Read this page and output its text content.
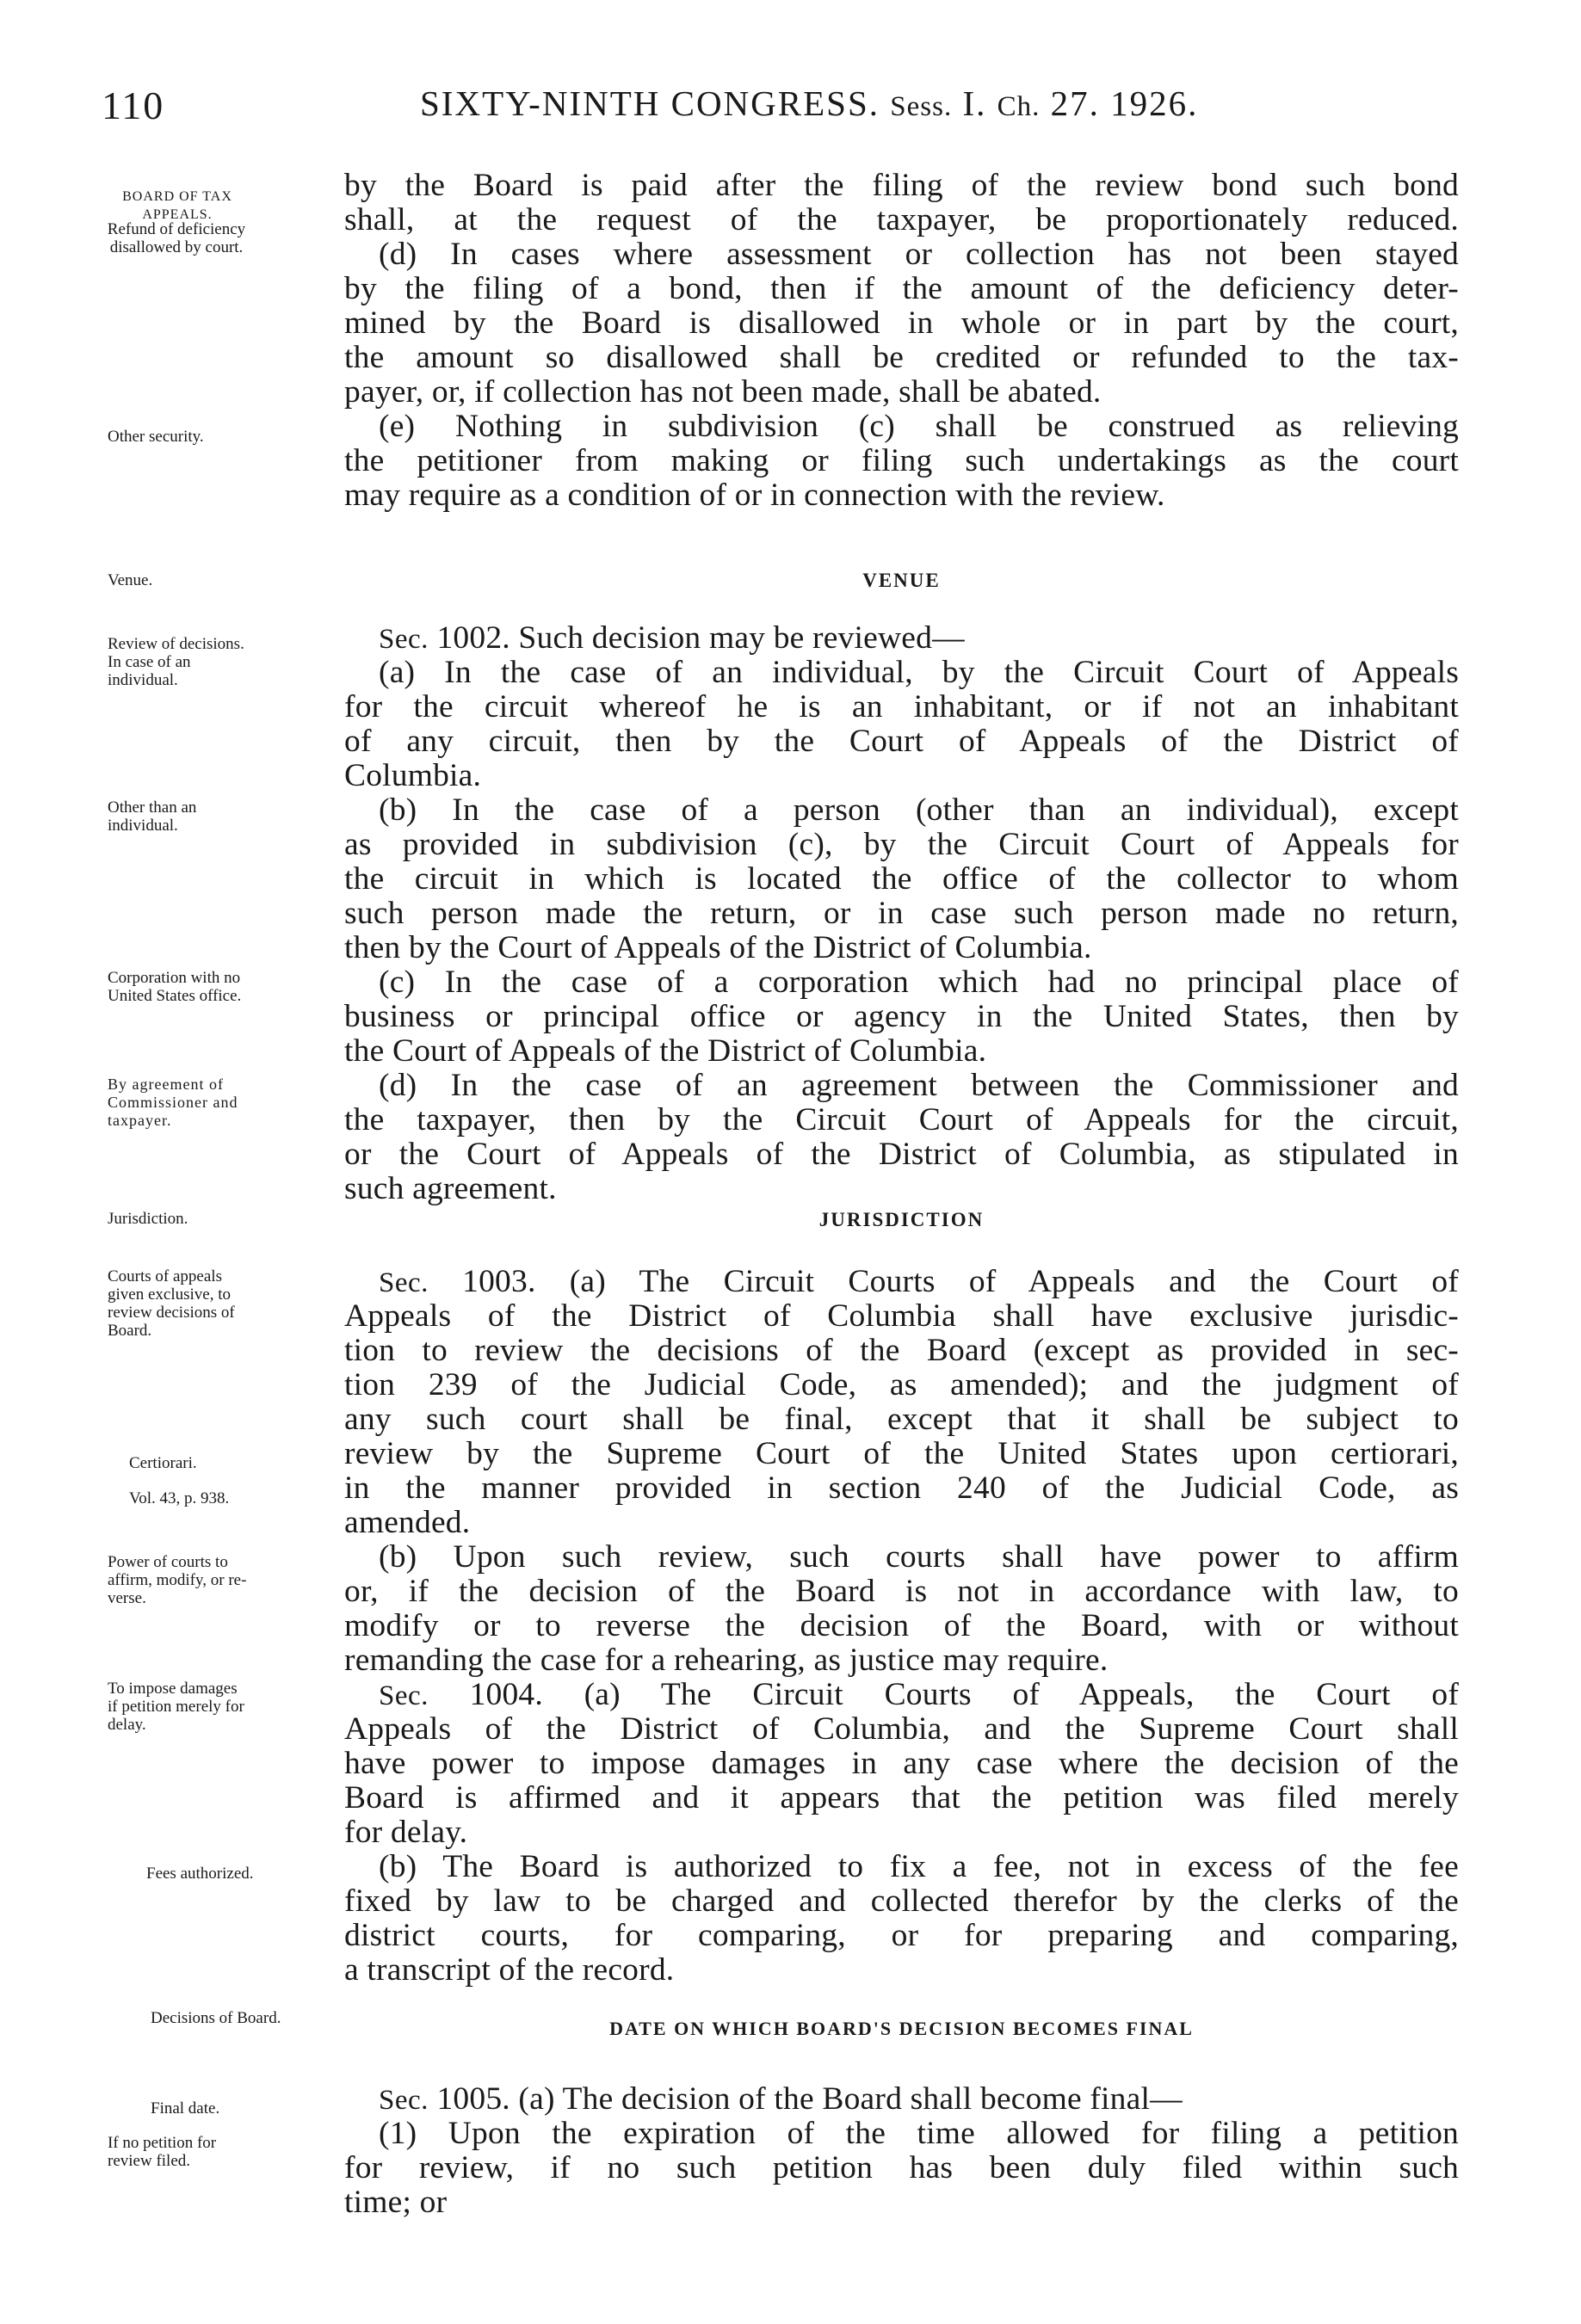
110	SIXTY-NINTH CONGRESS. Sess. I. Ch. 27. 1926.
BOARD OF TAX
APPEALS.
Refund of deficiency
disallowed by court.
Other security.
Venue.
Review of decisions.
In case of an individual.
Other than an individual.
Corporation with no
United States office.
By agreement of
Commissioner and
taxpayer.
Jurisdiction.
Courts of appeals
given exclusive, to
review decisions of
Board.
Certiorari.
Vol. 43, p. 938.
Power of courts to
affirm, modify, or re-
verse.
To impose damages
if petition merely for
delay.
Fees authorized.
Decisions of Board.
Final date.
If no petition for
review filed.
by the Board is paid after the filing of the review bond such bond
shall, at the request of the taxpayer, be proportionately reduced.
(d) In cases where assessment or collection has not been stayed
by the filing of a bond, then if the amount of the deficiency deter-
mined by the Board is disallowed in whole or in part by the court,
the amount so disallowed shall be credited or refunded to the tax-
payer, or, if collection has not been made, shall be abated.
(e) Nothing in subdivision (c) shall be construed as relieving
the petitioner from making or filing such undertakings as the court
may require as a condition of or in connection with the review.
VENUE
Sec. 1002. Such decision may be reviewed—
(a) In the case of an individual, by the Circuit Court of Appeals
for the circuit whereof he is an inhabitant, or if not an inhabitant
of any circuit, then by the Court of Appeals of the District of
Columbia.
(b) In the case of a person (other than an individual), except
as provided in subdivision (c), by the Circuit Court of Appeals for
the circuit in which is located the office of the collector to whom
such person made the return, or in case such person made no return,
then by the Court of Appeals of the District of Columbia.
(c) In the case of a corporation which had no principal place of
business or principal office or agency in the United States, then by
the Court of Appeals of the District of Columbia.
(d) In the case of an agreement between the Commissioner and
the taxpayer, then by the Circuit Court of Appeals for the circuit,
or the Court of Appeals of the District of Columbia, as stipulated in
such agreement.
JURISDICTION
Sec. 1003. (a) The Circuit Courts of Appeals and the Court of
Appeals of the District of Columbia shall have exclusive jurisdic-
tion to review the decisions of the Board (except as provided in sec-
tion 239 of the Judicial Code, as amended); and the judgment of
any such court shall be final, except that it shall be subject to
review by the Supreme Court of the United States upon certiorari,
in the manner provided in section 240 of the Judicial Code, as
amended.
(b) Upon such review, such courts shall have power to affirm
or, if the decision of the Board is not in accordance with law, to
modify or to reverse the decision of the Board, with or without
remanding the case for a rehearing, as justice may require.
Sec. 1004. (a) The Circuit Courts of Appeals, the Court of
Appeals of the District of Columbia, and the Supreme Court shall
have power to impose damages in any case where the decision of the
Board is affirmed and it appears that the petition was filed merely
for delay.
(b) The Board is authorized to fix a fee, not in excess of the fee
fixed by law to be charged and collected therefor by the clerks of the
district courts, for comparing, or for preparing and comparing,
a transcript of the record.
DATE ON WHICH BOARD'S DECISION BECOMES FINAL
Sec. 1005. (a) The decision of the Board shall become final—
(1) Upon the expiration of the time allowed for filing a petition
for review, if no such petition has been duly filed within such
time; or
